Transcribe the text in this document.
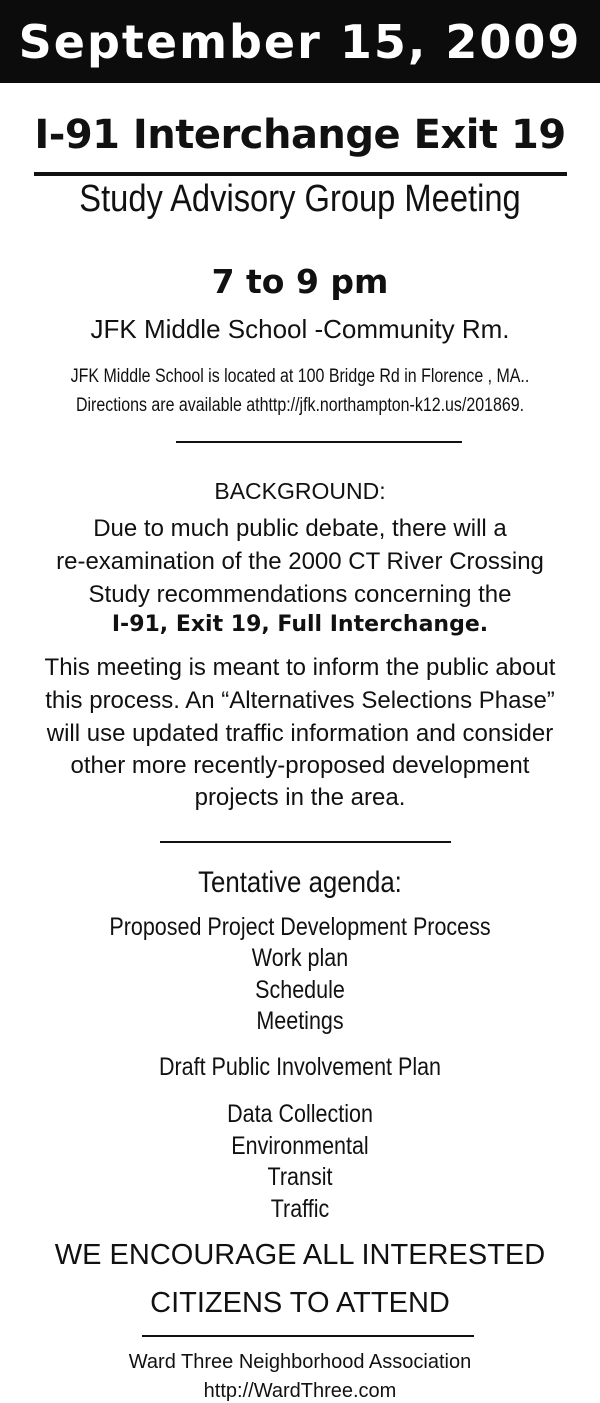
September 15, 2009
I-91 Interchange Exit 19
Study Advisory Group Meeting
7 to 9 pm
JFK Middle School -Community Rm.
JFK Middle School is located at 100 Bridge Rd in Florence , MA..
Directions are available athttp://jfk.northampton-k12.us/201869.
BACKGROUND:
Due to much public debate, there will a
re-examination of the 2000 CT River Crossing
Study recommendations concerning the
I-91, Exit 19, Full Interchange.
This meeting is meant to inform the public about
this process. An “Alternatives Selections Phase”
will use updated traffic information and consider
other more recently-proposed development
projects in the area.
Tentative agenda:
Proposed Project Development Process
Work plan
Schedule
Meetings
Draft Public Involvement Plan
Data Collection
Environmental
Transit
Traffic
WE ENCOURAGE ALL INTERESTED
CITIZENS TO ATTEND
Ward Three Neighborhood Association
http://WardThree.com
